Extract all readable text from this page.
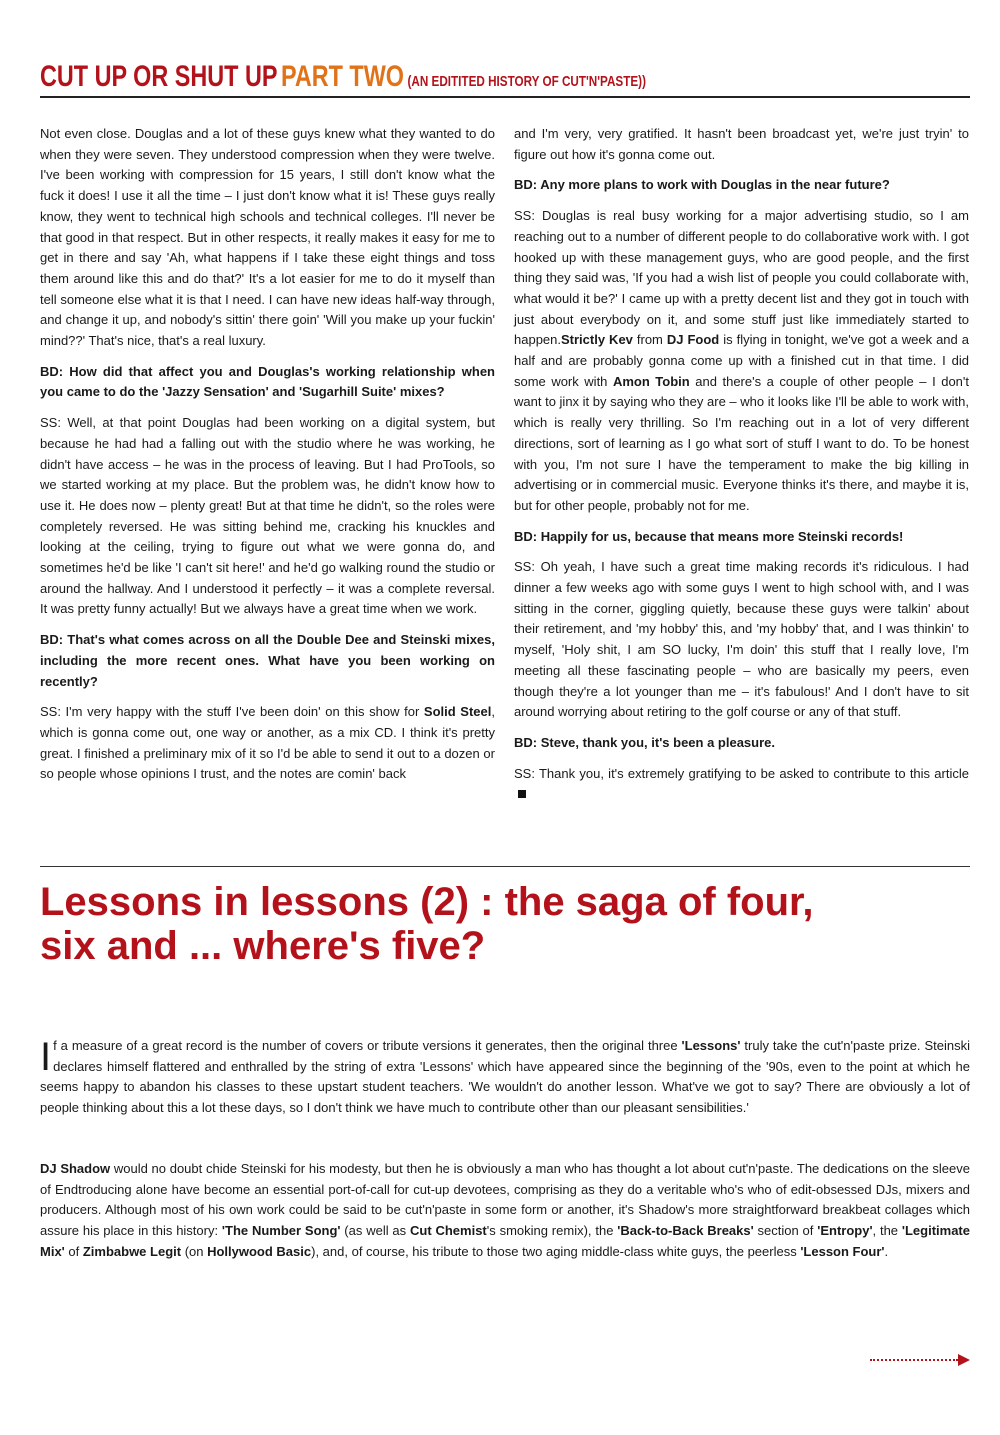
CUT UP OR SHUT UP PART TWO (AN EDITITED HISTORY OF CUT'N'PASTE))

Not even close. Douglas and a lot of these guys knew what they wanted to do when they were seven. They understood compression when they were twelve. I've been working with compression for 15 years, I still don't know what the fuck it does! I use it all the time – I just don't know what it is! These guys really know, they went to technical high schools and technical colleges. I'll never be that good in that respect. But in other respects, it really makes it easy for me to get in there and say 'Ah, what happens if I take these eight things and toss them around like this and do that?' It's a lot easier for me to do it myself than tell someone else what it is that I need. I can have new ideas half-way through, and change it up, and nobody's sittin' there goin' 'Will you make up your fuckin' mind??' That's nice, that's a real luxury.

BD: How did that affect you and Douglas's working relationship when you came to do the 'Jazzy Sensation' and 'Sugarhill Suite' mixes?

SS: Well, at that point Douglas had been working on a digital system, but because he had had a falling out with the studio where he was working, he didn't have access – he was in the process of leaving. But I had ProTools, so we started working at my place. But the problem was, he didn't know how to use it. He does now – plenty great! But at that time he didn't, so the roles were completely reversed. He was sitting behind me, cracking his knuckles and looking at the ceiling, trying to figure out what we were gonna do, and sometimes he'd be like 'I can't sit here!' and he'd go walking round the studio or around the hallway. And I understood it perfectly – it was a complete reversal. It was pretty funny actually! But we always have a great time when we work.

BD: That's what comes across on all the Double Dee and Steinski mixes, including the more recent ones. What have you been working on recently?

SS: I'm very happy with the stuff I've been doin' on this show for Solid Steel, which is gonna come out, one way or another, as a mix CD. I think it's pretty great. I finished a preliminary mix of it so I'd be able to send it out to a dozen or so people whose opinions I trust, and the notes are comin' back

and I'm very, very gratified. It hasn't been broadcast yet, we're just tryin' to figure out how it's gonna come out.

BD: Any more plans to work with Douglas in the near future?

SS: Douglas is real busy working for a major advertising studio, so I am reaching out to a number of different people to do collaborative work with. I got hooked up with these management guys, who are good people, and the first thing they said was, 'If you had a wish list of people you could collaborate with, what would it be?' I came up with a pretty decent list and they got in touch with just about everybody on it, and some stuff just like immediately started to happen.Strictly Kev from DJ Food is flying in tonight, we've got a week and a half and are probably gonna come up with a finished cut in that time. I did some work with Amon Tobin and there's a couple of other people – I don't want to jinx it by saying who they are – who it looks like I'll be able to work with, which is really very thrilling. So I'm reaching out in a lot of very different directions, sort of learning as I go what sort of stuff I want to do. To be honest with you, I'm not sure I have the temperament to make the big killing in advertising or in commercial music. Everyone thinks it's there, and maybe it is, but for other people, probably not for me.

BD: Happily for us, because that means more Steinski records!

SS: Oh yeah, I have such a great time making records it's ridiculous. I had dinner a few weeks ago with some guys I went to high school with, and I was sitting in the corner, giggling quietly, because these guys were talkin' about their retirement, and 'my hobby' this, and 'my hobby' that, and I was thinkin' to myself, 'Holy shit, I am SO lucky, I'm doin' this stuff that I really love, I'm meeting all these fascinating people – who are basically my peers, even though they're a lot younger than me – it's fabulous!' And I don't have to sit around worrying about retiring to the golf course or any of that stuff.

BD: Steve, thank you, it's been a pleasure.

SS: Thank you, it's extremely gratifying to be asked to contribute to this article

Lessons in lessons (2) : the saga of four,
six and ... where's five?
If a measure of a great record is the number of covers or tribute versions it generates, then the original three 'Lessons' truly take the cut'n'paste prize. Steinski declares himself flattered and enthralled by the string of extra 'Lessons' which have appeared since the beginning of the '90s, even to the point at which he seems happy to abandon his classes to these upstart student teachers. 'We wouldn't do another lesson. What've we got to say? There are obviously a lot of people thinking about this a lot these days, so I don't think we have much to contribute other than our pleasant sensibilities.'
DJ Shadow would no doubt chide Steinski for his modesty, but then he is obviously a man who has thought a lot about cut'n'paste. The dedications on the sleeve of Endtroducing alone have become an essential port-of-call for cut-up devotees, comprising as they do a veritable who's who of edit-obsessed DJs, mixers and producers. Although most of his own work could be said to be cut'n'paste in some form or another, it's Shadow's more straightforward breakbeat collages which assure his place in this history: 'The Number Song' (as well as Cut Chemist's smoking remix), the 'Back-to-Back Breaks' section of 'Entropy', the 'Legitimate Mix' of Zimbabwe Legit (on Hollywood Basic), and, of course, his tribute to those two aging middle-class white guys, the peerless 'Lesson Four'.
